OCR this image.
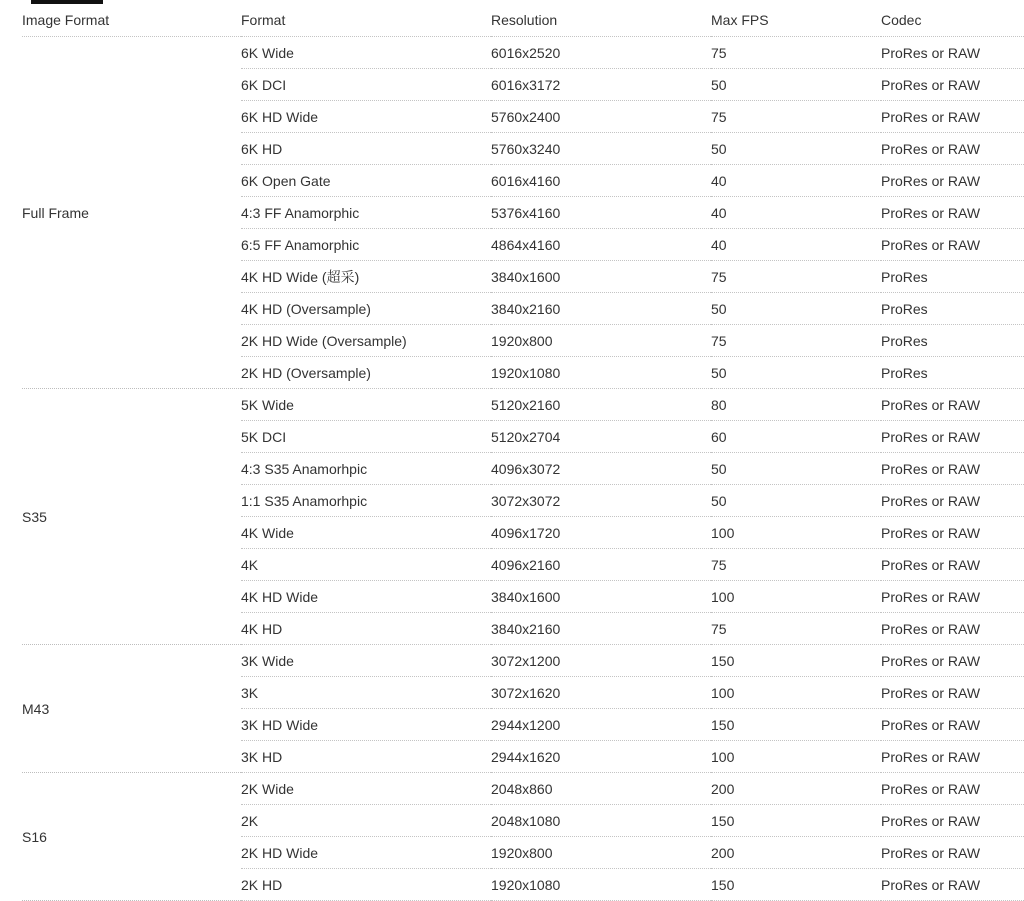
Image Format	Format	Resolution	Max FPS	Codec
Full Frame	6K Wide	6016x2520	75	ProRes or RAW
	6K DCI	6016x3172	50	ProRes or RAW
	6K HD Wide	5760x2400	75	ProRes or RAW
	6K HD	5760x3240	50	ProRes or RAW
	6K Open Gate	6016x4160	40	ProRes or RAW
	4:3 FF Anamorphic	5376x4160	40	ProRes or RAW
	6:5 FF Anamorphic	4864x4160	40	ProRes or RAW
	4K HD Wide (超采)	3840x1600	75	ProRes
	4K HD (Oversample)	3840x2160	50	ProRes
	2K HD Wide (Oversample)	1920x800	75	ProRes
	2K HD (Oversample)	1920x1080	50	ProRes
S35	5K Wide	5120x2160	80	ProRes or RAW
	5K DCI	5120x2704	60	ProRes or RAW
	4:3 S35 Anamorhpic	4096x3072	50	ProRes or RAW
	1:1 S35 Anamorhpic	3072x3072	50	ProRes or RAW
	4K Wide	4096x1720	100	ProRes or RAW
	4K	4096x2160	75	ProRes or RAW
	4K HD Wide	3840x1600	100	ProRes or RAW
	4K HD	3840x2160	75	ProRes or RAW
M43	3K Wide	3072x1200	150	ProRes or RAW
	3K	3072x1620	100	ProRes or RAW
	3K HD Wide	2944x1200	150	ProRes or RAW
	3K HD	2944x1620	100	ProRes or RAW
S16	2K Wide	2048x860	200	ProRes or RAW
	2K	2048x1080	150	ProRes or RAW
	2K HD Wide	1920x800	200	ProRes or RAW
	2K HD	1920x1080	150	ProRes or RAW
